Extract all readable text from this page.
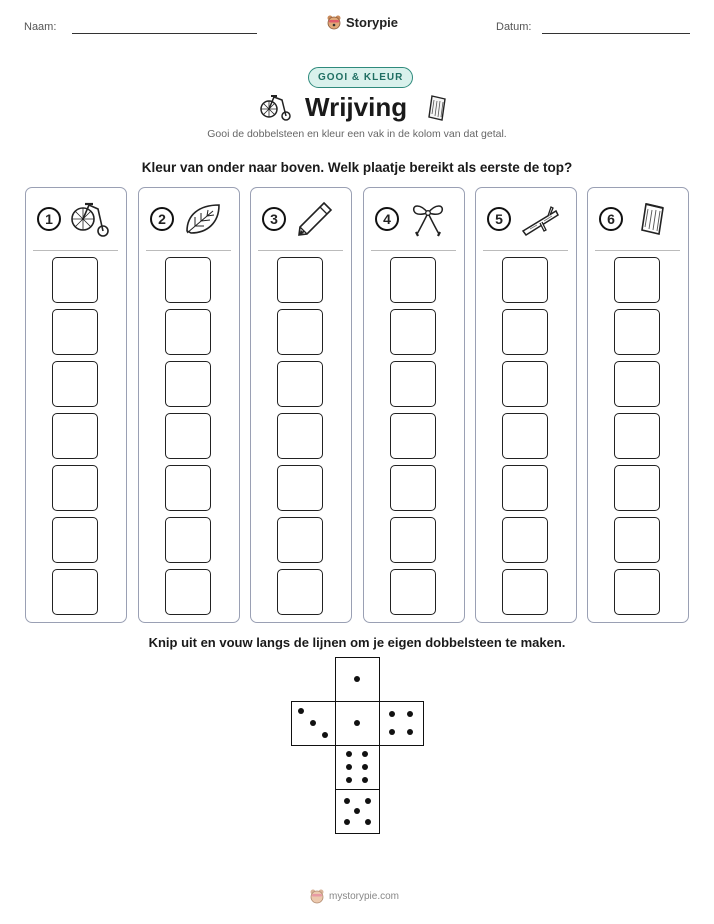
Naam:	Storypie	Datum:
GOOI & KLEUR
Wrijving
Gooi de dobbelsteen en kleur een vak in de kolom van dat getal.
Kleur van onder naar boven. Welk plaatje bereikt als eerste de top?
1	2	3	4	5	6
Knip uit en vouw langs de lijnen om je eigen dobbelsteen te maken.
mystorypie.com
